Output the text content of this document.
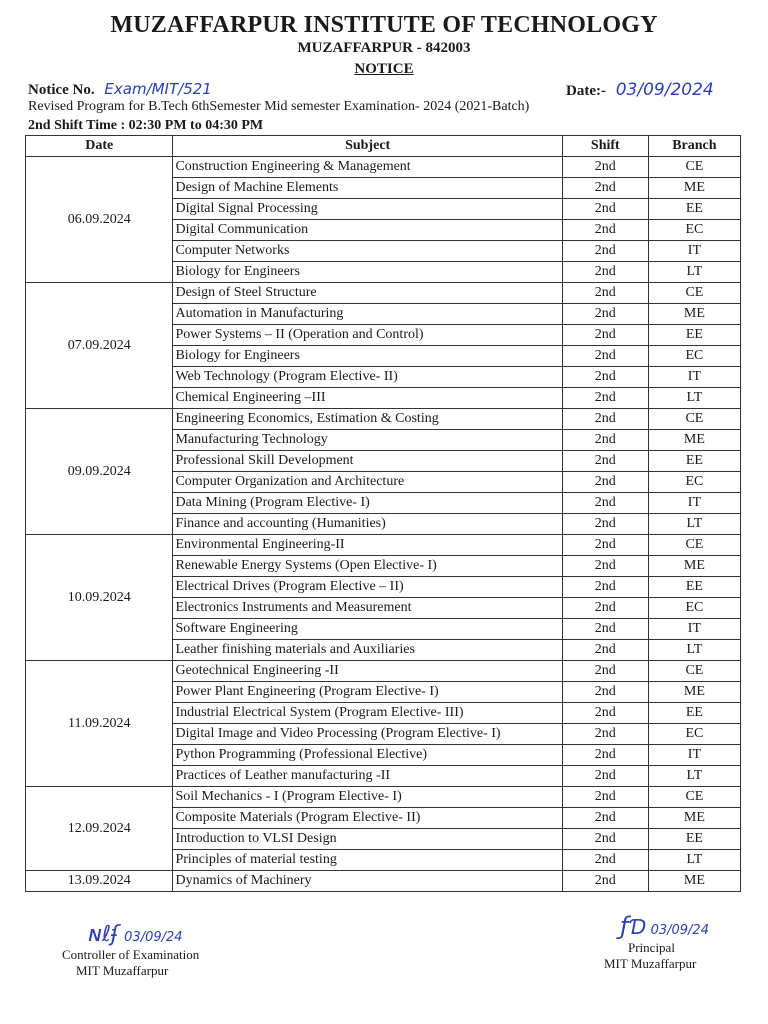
MUZAFFARPUR INSTITUTE OF TECHNOLOGY
MUZAFFARPUR - 842003
NOTICE
Notice No. Exam/MIT/521	Date:- 03/09/2024
Revised Program for B.Tech 6thSemester Mid semester Examination- 2024 (2021-Batch)
2nd Shift Time : 02:30 PM to 04:30 PM
Date	Subject	Shift	Branch
06.09.2024	Construction Engineering & Management	2nd	CE
	Design of Machine Elements	2nd	ME
	Digital Signal Processing	2nd	EE
	Digital Communication	2nd	EC
	Computer Networks	2nd	IT
	Biology for Engineers	2nd	LT
07.09.2024	Design of Steel Structure	2nd	CE
	Automation in Manufacturing	2nd	ME
	Power Systems – II (Operation and Control)	2nd	EE
	Biology for Engineers	2nd	EC
	Web Technology (Program Elective- II)	2nd	IT
	Chemical Engineering –III	2nd	LT
09.09.2024	Engineering Economics, Estimation & Costing	2nd	CE
	Manufacturing Technology	2nd	ME
	Professional Skill Development	2nd	EE
	Computer Organization and Architecture	2nd	EC
	Data Mining (Program Elective- I)	2nd	IT
	Finance and accounting (Humanities)	2nd	LT
10.09.2024	Environmental Engineering-II	2nd	CE
	Renewable Energy Systems (Open Elective- I)	2nd	ME
	Electrical Drives (Program Elective – II)	2nd	EE
	Electronics Instruments and Measurement	2nd	EC
	Software Engineering	2nd	IT
	Leather finishing materials and Auxiliaries	2nd	LT
11.09.2024	Geotechnical Engineering -II	2nd	CE
	Power Plant Engineering (Program Elective- I)	2nd	ME
	Industrial Electrical System (Program Elective- III)	2nd	EE
	Digital Image and Video Processing (Program Elective- I)	2nd	EC
	Python Programming (Professional Elective)	2nd	IT
	Practices of Leather manufacturing -II	2nd	LT
12.09.2024	Soil Mechanics - I (Program Elective- I)	2nd	CE
	Composite Materials (Program Elective- II)	2nd	ME
	Introduction to VLSI Design	2nd	EE
	Principles of material testing	2nd	LT
13.09.2024	Dynamics of Machinery	2nd	ME
ɴℓʄ 03/09/24
Controller of Examination
MIT Muzaffarpur
ƒƊ 03/09/24
Principal
MIT Muzaffarpur
